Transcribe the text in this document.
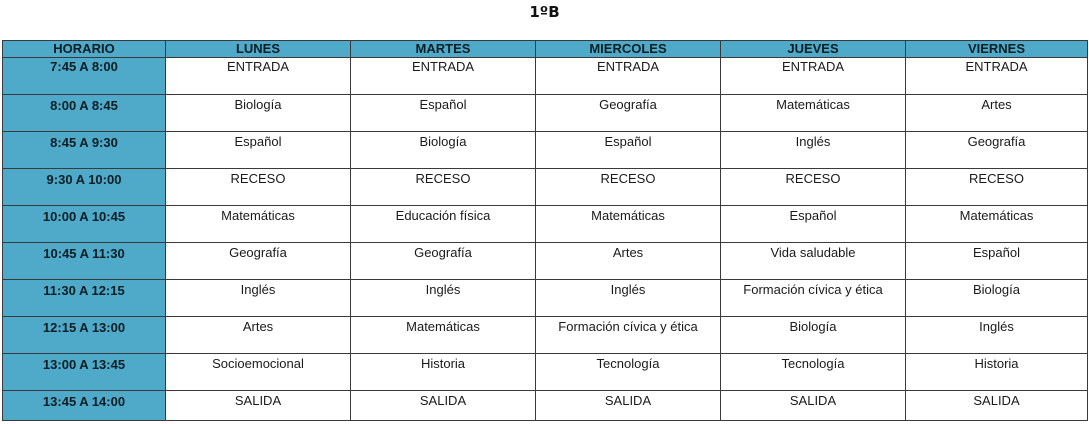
1ºB
HORARIO	LUNES	MARTES	MIERCOLES	JUEVES	VIERNES
7:45 A 8:00	ENTRADA	ENTRADA	ENTRADA	ENTRADA	ENTRADA
8:00 A 8:45	Biología	Español	Geografía	Matemáticas	Artes
8:45 A 9:30	Español	Biología	Español	Inglés	Geografía
9:30 A 10:00	RECESO	RECESO	RECESO	RECESO	RECESO
10:00 A 10:45	Matemáticas	Educación física	Matemáticas	Español	Matemáticas
10:45 A 11:30	Geografía	Geografía	Artes	Vida saludable	Español
11:30 A 12:15	Inglés	Inglés	Inglés	Formación cívica y ética	Biología
12:15 A 13:00	Artes	Matemáticas	Formación cívica y ética	Biología	Inglés
13:00 A 13:45	Socioemocional	Historia	Tecnología	Tecnología	Historia
13:45 A 14:00	SALIDA	SALIDA	SALIDA	SALIDA	SALIDA
